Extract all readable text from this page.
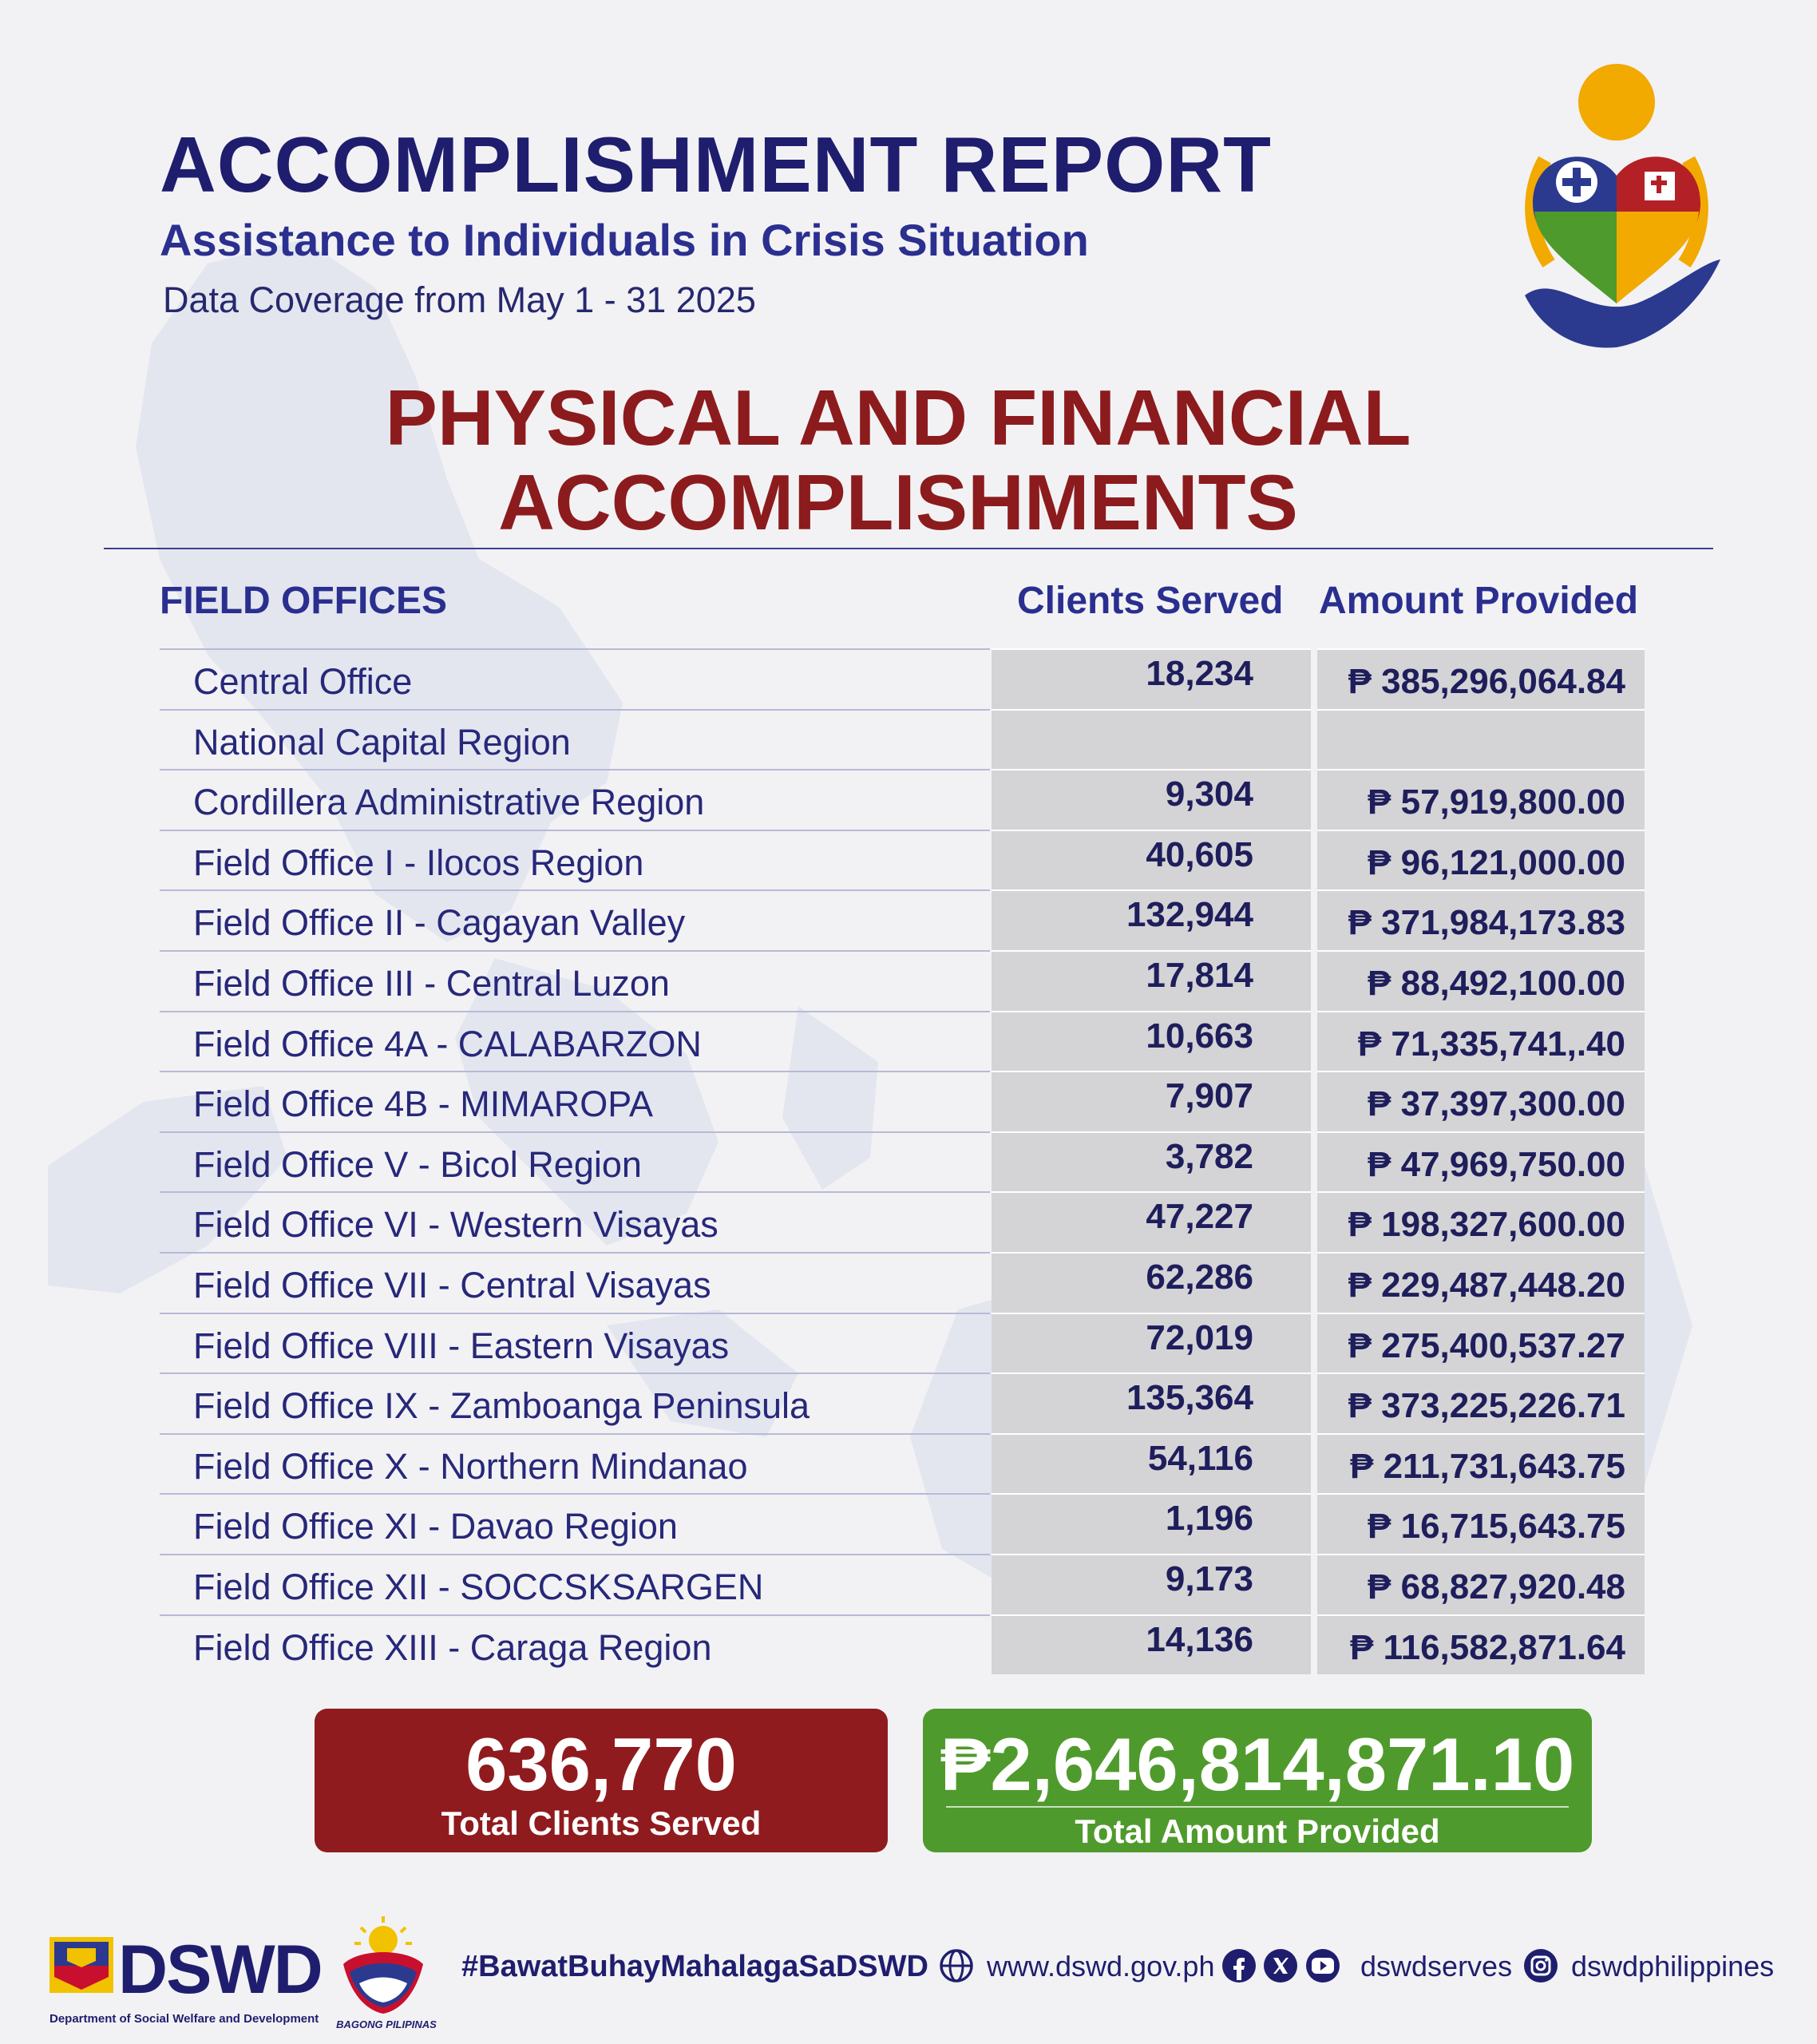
ACCOMPLISHMENT REPORT
Assistance to Individuals in Crisis Situation
Data Coverage from May 1 - 31 2025
PHYSICAL AND FINANCIAL
ACCOMPLISHMENTS
FIELD OFFICES	Clients Served Amount Provided
Central Office	18,234	₱ 385,296,064.84
National Capital Region
Cordillera Administrative Region	9,304	₱ 57,919,800.00
Field Office I - Ilocos Region	40,605	₱ 96,121,000.00
Field Office II - Cagayan Valley	132,944	₱ 371,984,173.83
Field Office III - Central Luzon	17,814	₱ 88,492,100.00
Field Office 4A - CALABARZON	10,663	₱ 71,335,741,.40
Field Office 4B - MIMAROPA	7,907	₱ 37,397,300.00
Field Office V - Bicol Region	3,782	₱ 47,969,750.00
Field Office VI - Western Visayas	47,227	₱ 198,327,600.00
Field Office VII - Central Visayas	62,286	₱ 229,487,448.20
Field Office VIII - Eastern Visayas	72,019	₱ 275,400,537.27
Field Office IX - Zamboanga Peninsula	135,364	₱ 373,225,226.71
Field Office X - Northern Mindanao	54,116	₱ 211,731,643.75
Field Office XI - Davao Region	1,196	₱ 16,715,643.75
Field Office XII - SOCCSKSARGEN	9,173	₱ 68,827,920.48
Field Office XIII - Caraga Region	14,136	₱ 116,582,871.64
636,770
Total Clients Served
₱2,646,814,871.10
Total Amount Provided
DSWD
Department of Social Welfare and Development	BAGONG PILIPINAS
#BawatBuhayMahalagaSaDSWD www.dswd.gov.ph	dswdserves dswdphilippines
